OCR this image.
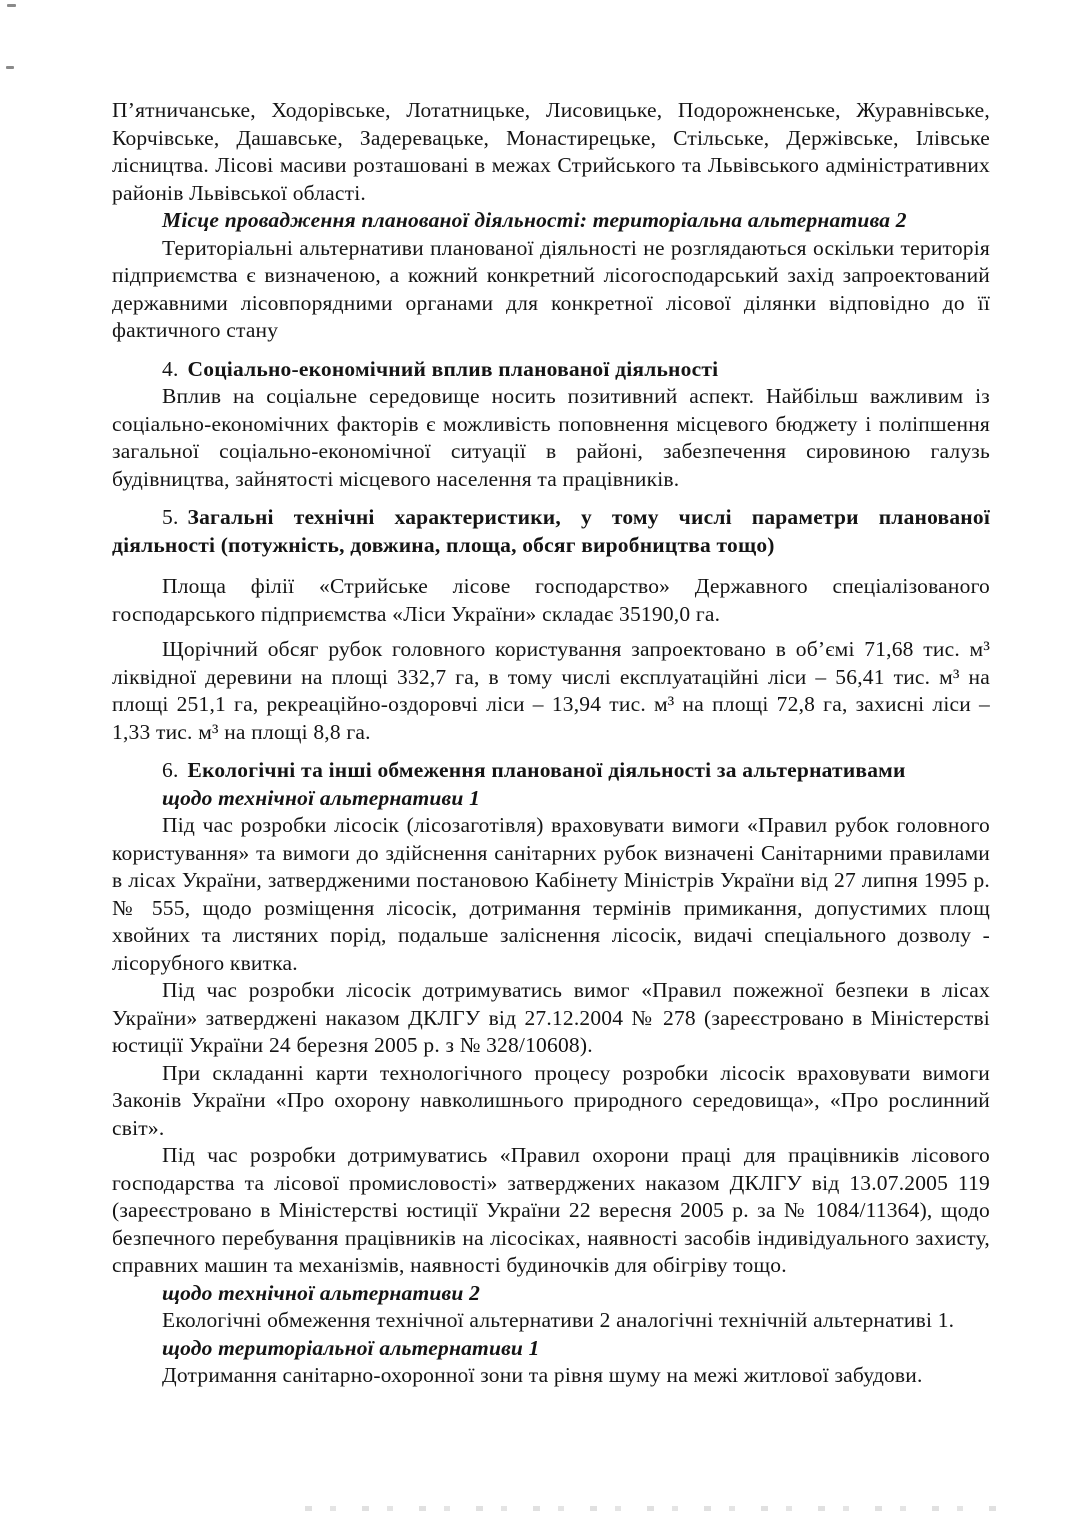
П’ятничанське, Ходорівське, Лотатницьке, Лисовицьке, Подорожненське, Журавнівське, Корчівське, Дашавське, Задеревацьке, Монастирецьке, Стільське, Держівське, Ілівське лісництва. Лісові масиви розташовані в межах Стрийського та Львівського адміністративних районів Львівської області.

Місце провадження планованої діяльності: територіальна альтернатива 2

Територіальні альтернативи планованої діяльності не розглядаються оскільки територія підприємства є визначеною, а кожний конкретний лісогосподарський захід запроектований державними лісовпорядними органами для конкретної лісової ділянки відповідно до її фактичного стану

4. Соціально-економічний вплив планованої діяльності

Вплив на соціальне середовище носить позитивний аспект. Найбільш важливим із соціально-економічних факторів є можливість поповнення місцевого бюджету і поліпшення загальної соціально-економічної ситуації в районі, забезпечення сировиною галузь будівництва, зайнятості місцевого населення та працівників.

5. Загальні технічні характеристики, у тому числі параметри планованої діяльності (потужність, довжина, площа, обсяг виробництва тощо)

Площа філії «Стрийське лісове господарство» Державного спеціалізованого господарського підприємства «Ліси України» складає 35190,0 га.

Щорічний обсяг рубок головного користування запроектовано в об’ємі 71,68 тис. м³ ліквідної деревини на площі 332,7 га, в тому числі експлуатаційні ліси – 56,41 тис. м³ на площі 251,1 га, рекреаційно-оздоровчі ліси – 13,94 тис. м³ на площі 72,8 га, захисні ліси – 1,33 тис. м³ на площі 8,8 га.

6. Екологічні та інші обмеження планованої діяльності за альтернативами

щодо технічної альтернативи 1

Під час розробки лісосік (лісозаготівля) враховувати вимоги «Правил рубок головного користування» та вимоги до здійснення санітарних рубок визначені Санітарними правилами в лісах України, затвердженими постановою Кабінету Міністрів України від 27 липня 1995 р. № 555, щодо розміщення лісосік, дотримання термінів примикання, допустимих площ хвойних та листяних порід, подальше заліснення лісосік, видачі спеціального дозволу - лісорубного квитка.

Під час розробки лісосік дотримуватись вимог «Правил пожежної безпеки в лісах України» затверджені наказом ДКЛГУ від 27.12.2004 № 278 (зареєстровано в Міністерстві юстиції України 24 березня 2005 р. з № 328/10608).

При складанні карти технологічного процесу розробки лісосік враховувати вимоги Законів України «Про охорону навколишнього природного середовища», «Про рослинний світ».

Під час розробки дотримуватись «Правил охорони праці для працівників лісового господарства та лісової промисловості» затверджених наказом ДКЛГУ від 13.07.2005 119 (зареєстровано в Міністерстві юстиції України 22 вересня 2005 р. за № 1084/11364), щодо безпечного перебування працівників на лісосіках, наявності засобів індивідуального захисту, справних машин та механізмів, наявності будиночків для обігріву тощо.

щодо технічної альтернативи 2

Екологічні обмеження технічної альтернативи 2 аналогічні технічній альтернативі 1.

щодо територіальної альтернативи 1

Дотримання санітарно-охоронної зони та рівня шуму на межі житлової забудови.
